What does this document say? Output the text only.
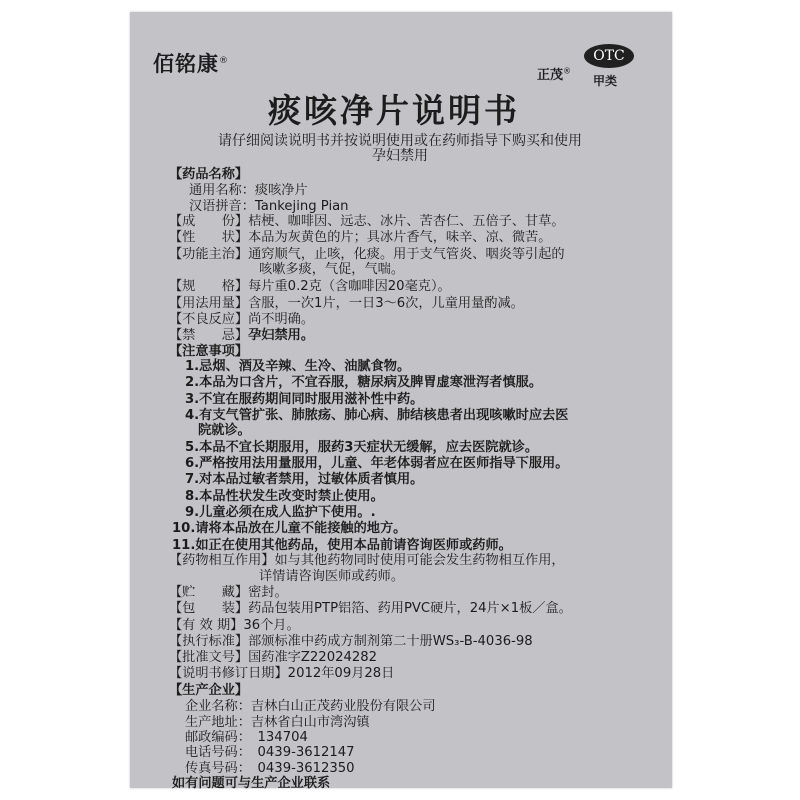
佰铭康®
正茂®
OTC
甲类
痰咳净片说明书
请仔细阅读说明书并按说明使用或在药师指导下购买和使用
孕妇禁用
【药品名称】
通用名称：痰咳净片
汉语拼音：Tankejing Pian
【成　　份】桔梗、咖啡因、远志、冰片、苦杏仁、五倍子、甘草。
【性　　状】本品为灰黄色的片；具冰片香气，味辛、凉、微苦。
【功能主治】通窍顺气，止咳，化痰。用于支气管炎、咽炎等引起的
咳嗽多痰，气促，气喘。
【规　　格】每片重0.2克（含咖啡因20毫克）。
【用法用量】含服，一次1片，一日3～6次，儿童用量酌减。
【不良反应】尚不明确。
【禁　　忌】孕妇禁用。
【注意事项】
1.忌烟、酒及辛辣、生冷、油腻食物。
2.本品为口含片，不宜吞服，糖尿病及脾胃虚寒泄泻者慎服。
3.不宜在服药期间同时服用滋补性中药。
4.有支气管扩张、肺脓疡、肺心病、肺结核患者出现咳嗽时应去医
院就诊。
5.本品不宜长期服用，服药3天症状无缓解，应去医院就诊。
6.严格按用法用量服用，儿童、年老体弱者应在医师指导下服用。
7.对本品过敏者禁用，过敏体质者慎用。
8.本品性状发生改变时禁止使用。
9.儿童必须在成人监护下使用。.
10.请将本品放在儿童不能接触的地方。
11.如正在使用其他药品，使用本品前请咨询医师或药师。
【药物相互作用】如与其他药物同时使用可能会发生药物相互作用，
详情请咨询医师或药师。
【贮　　藏】密封。
【包　　装】药品包装用PTP铝箔、药用PVC硬片，24片×1板／盒。
【有 效 期】36个月。
【执行标准】部颁标准中药成方制剂第二十册WS₃-B-4036-98
【批准文号】国药准字Z22024282
【说明书修订日期】2012年09月28日
【生产企业】
企业名称：吉林白山正茂药业股份有限公司
生产地址：吉林省白山市湾沟镇
邮政编码：　134704
电话号码：　0439-3612147
传真号码：　0439-3612350
如有问题可与生产企业联系
